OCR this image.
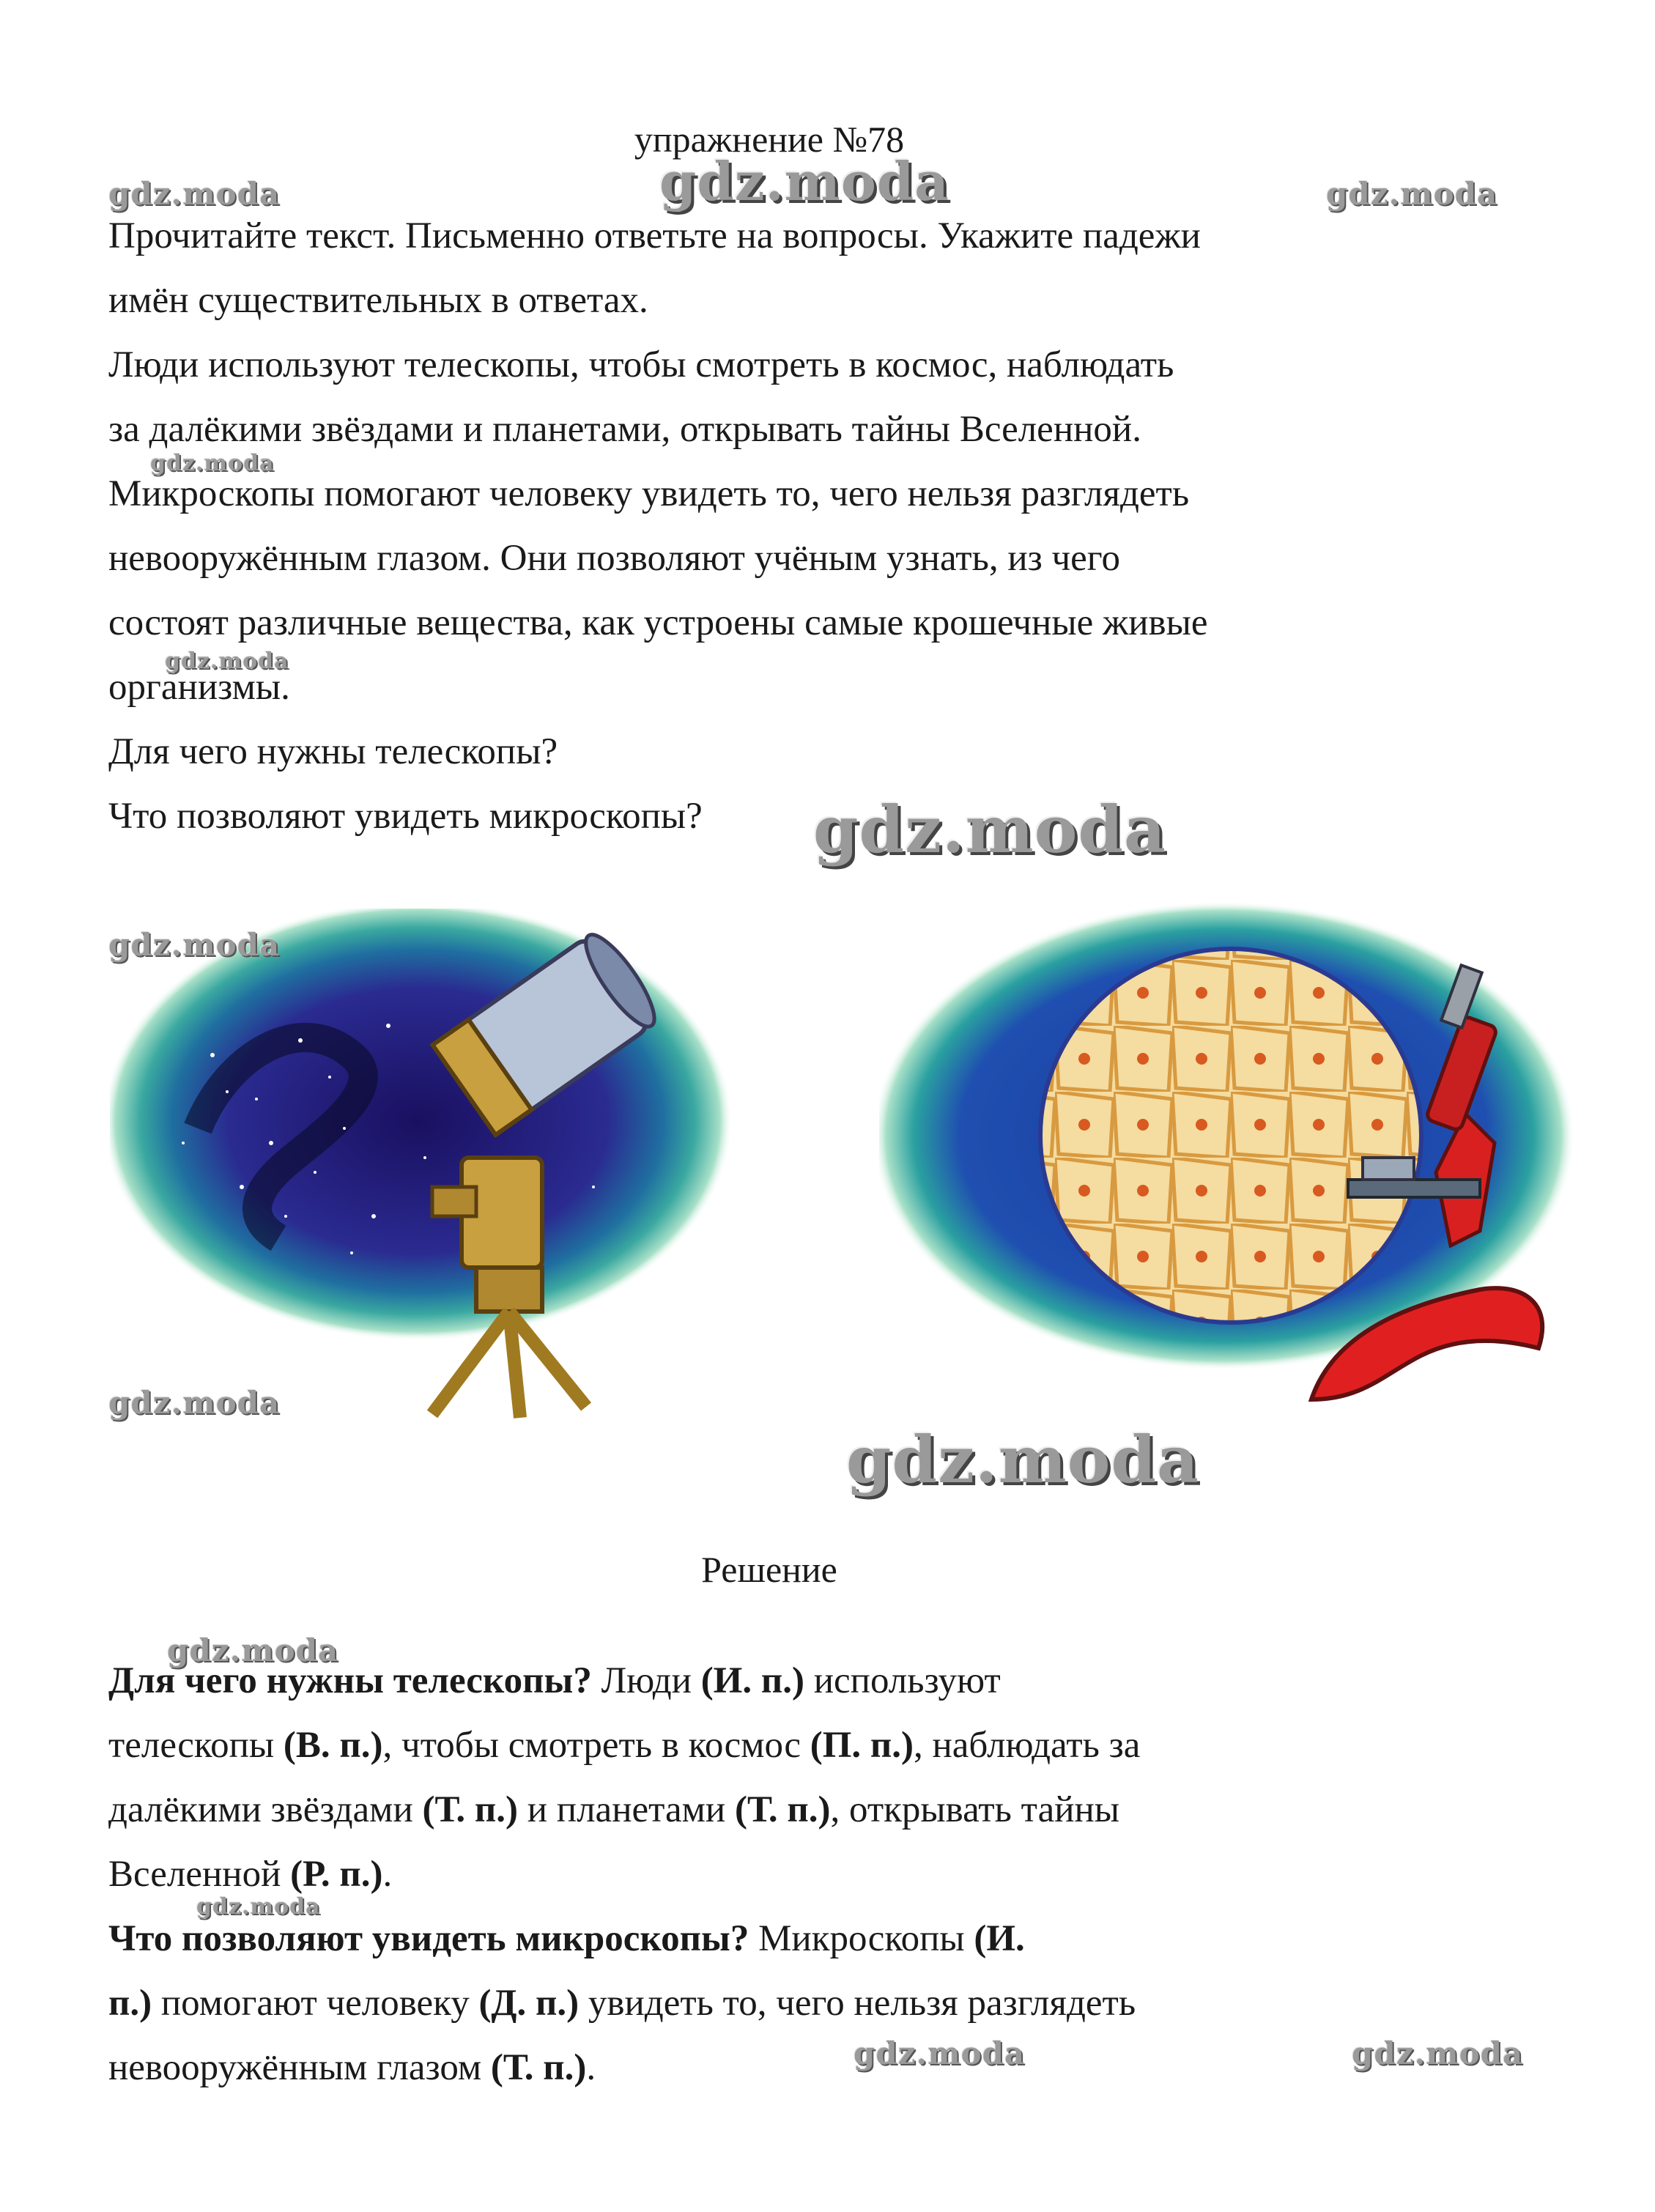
упражнение №78

Прочитайте текст. Письменно ответьте на вопросы. Укажите падежи

имён существительных в ответах.

Люди используют телескопы, чтобы смотреть в космос, наблюдать

за далёкими звёздами и планетами, открывать тайны Вселенной.

Микроскопы помогают человеку увидеть то, чего нельзя разглядеть

невооружённым глазом. Они позволяют учёным узнать, из чего

состоят различные вещества, как устроены самые крошечные живые

организмы.

Для чего нужны телескопы?

Что позволяют увидеть микроскопы?

Решение

Для чего нужны телескопы? Люди (И. п.) используют

телескопы (В. п.), чтобы смотреть в космос (П. п.), наблюдать за

далёкими звёздами (Т. п.) и планетами (Т. п.), открывать тайны

Вселенной (Р. п.).

Что позволяют увидеть микроскопы? Микроскопы (И.

п.) помогают человеку (Д. п.) увидеть то, чего нельзя разглядеть

невооружённым глазом (Т. п.).

gdz.moda	gdz.moda	gdz.moda
gdz.moda
gdz.moda
gdz.moda
gdz.moda
gdz.moda
gdz.moda
gdz.moda
gdz.moda
gdz.moda	gdz.moda
